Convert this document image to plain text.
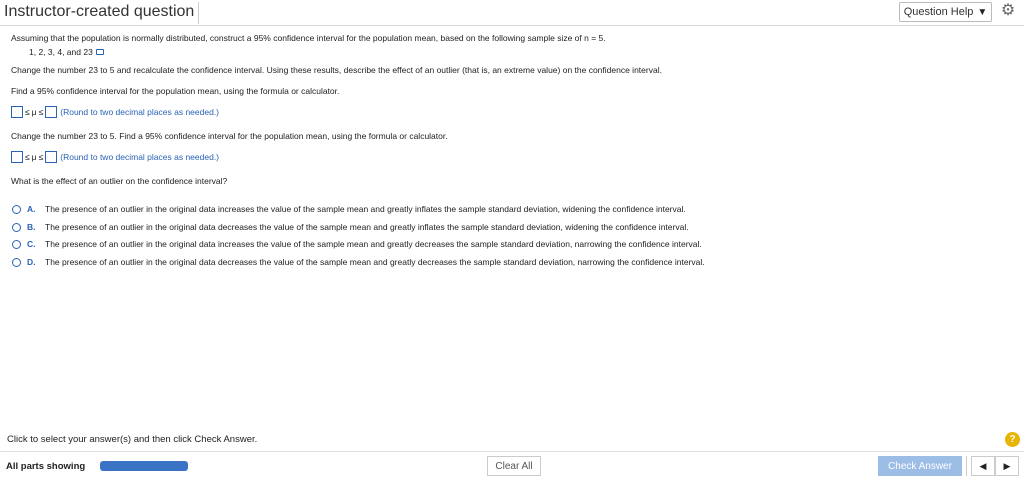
Instructor-created question	Question Help ▼ ⚙
Assuming that the population is normally distributed, construct a 95% confidence interval for the population mean, based on the following sample size of n = 5.
1, 2, 3, 4, and 23
Change the number 23 to 5 and recalculate the confidence interval. Using these results, describe the effect of an outlier (that is, an extreme value) on the confidence interval.
Find a 95% confidence interval for the population mean, using the formula or calculator.
≤ μ ≤ (Round to two decimal places as needed.)
Change the number 23 to 5. Find a 95% confidence interval for the population mean, using the formula or calculator.
≤ μ ≤ (Round to two decimal places as needed.)
What is the effect of an outlier on the confidence interval?
A.	The presence of an outlier in the original data increases the value of the sample mean and greatly inflates the sample standard deviation, widening the confidence interval.
B.	The presence of an outlier in the original data decreases the value of the sample mean and greatly inflates the sample standard deviation, widening the confidence interval.
C.	The presence of an outlier in the original data increases the value of the sample mean and greatly decreases the sample standard deviation, narrowing the confidence interval.
D.	The presence of an outlier in the original data decreases the value of the sample mean and greatly decreases the sample standard deviation, narrowing the confidence interval.
Click to select your answer(s) and then click Check Answer.	?
All parts showing	Clear All	Check Answer	◀	▶
